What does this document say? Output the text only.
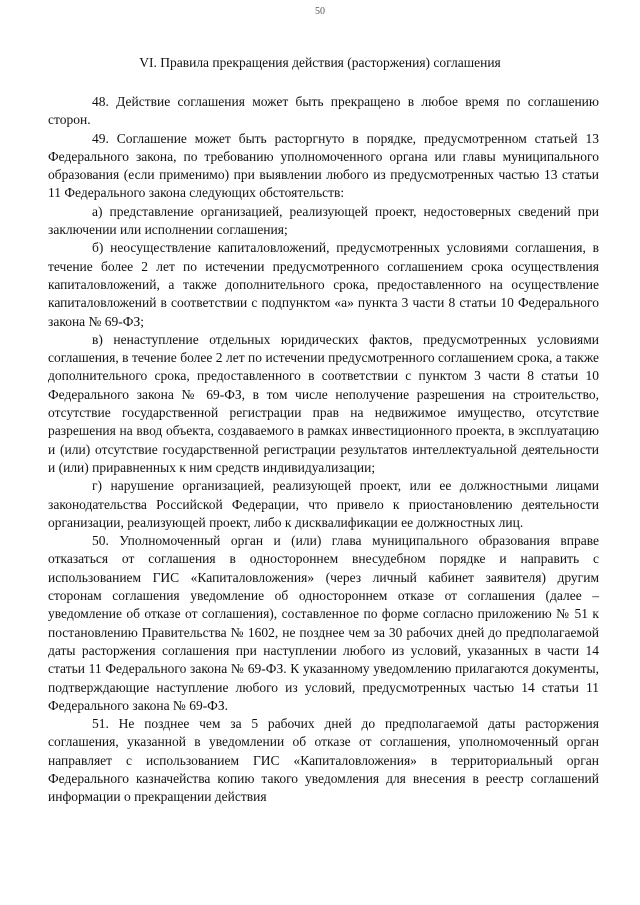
50
VI. Правила прекращения действия (расторжения) соглашения

48. Действие соглашения может быть прекращено в любое время по соглашению сторон.

49. Соглашение может быть расторгнуто в порядке, предусмотренном статьей 13 Федерального закона, по требованию уполномоченного органа или главы муниципального образования (если применимо) при выявлении любого из предусмотренных частью 13 статьи 11 Федерального закона следующих обстоятельств:

а) представление организацией, реализующей проект, недостоверных сведений при заключении или исполнении соглашения;

б) неосуществление капиталовложений, предусмотренных условиями соглашения, в течение более 2 лет по истечении предусмотренного соглашением срока осуществления капиталовложений, а также дополнительного срока, предоставленного на осуществление капиталовложений в соответствии с подпунктом «а» пункта 3 части 8 статьи 10 Федерального закона № 69-ФЗ;

в) ненаступление отдельных юридических фактов, предусмотренных условиями соглашения, в течение более 2 лет по истечении предусмотренного соглашением срока, а также дополнительного срока, предоставленного в соответствии с пунктом 3 части 8 статьи 10 Федерального закона № 69-ФЗ, в том числе неполучение разрешения на строительство, отсутствие государственной регистрации прав на недвижимое имущество, отсутствие разрешения на ввод объекта, создаваемого в рамках инвестиционного проекта, в эксплуатацию и (или) отсутствие государственной регистрации результатов интеллектуальной деятельности и (или) приравненных к ним средств индивидуализации;

г) нарушение организацией, реализующей проект, или ее должностными лицами законодательства Российской Федерации, что привело к приостановлению деятельности организации, реализующей проект, либо к дисквалификации ее должностных лиц.

50. Уполномоченный орган и (или) глава муниципального образования вправе отказаться от соглашения в одностороннем внесудебном порядке и направить с использованием ГИС «Капиталовложения» (через личный кабинет заявителя) другим сторонам соглашения уведомление об одностороннем отказе от соглашения (далее – уведомление об отказе от соглашения), составленное по форме согласно приложению № 51 к постановлению Правительства № 1602, не позднее чем за 30 рабочих дней до предполагаемой даты расторжения соглашения при наступлении любого из условий, указанных в части 14 статьи 11 Федерального закона № 69-ФЗ. К указанному уведомлению прилагаются документы, подтверждающие наступление любого из условий, предусмотренных частью 14 статьи 11 Федерального закона № 69-ФЗ.

51. Не позднее чем за 5 рабочих дней до предполагаемой даты расторжения соглашения, указанной в уведомлении об отказе от соглашения, уполномоченный орган направляет с использованием ГИС «Капиталовложения» в территориальный орган Федерального казначейства копию такого уведомления для внесения в реестр соглашений информации о прекращении действия
